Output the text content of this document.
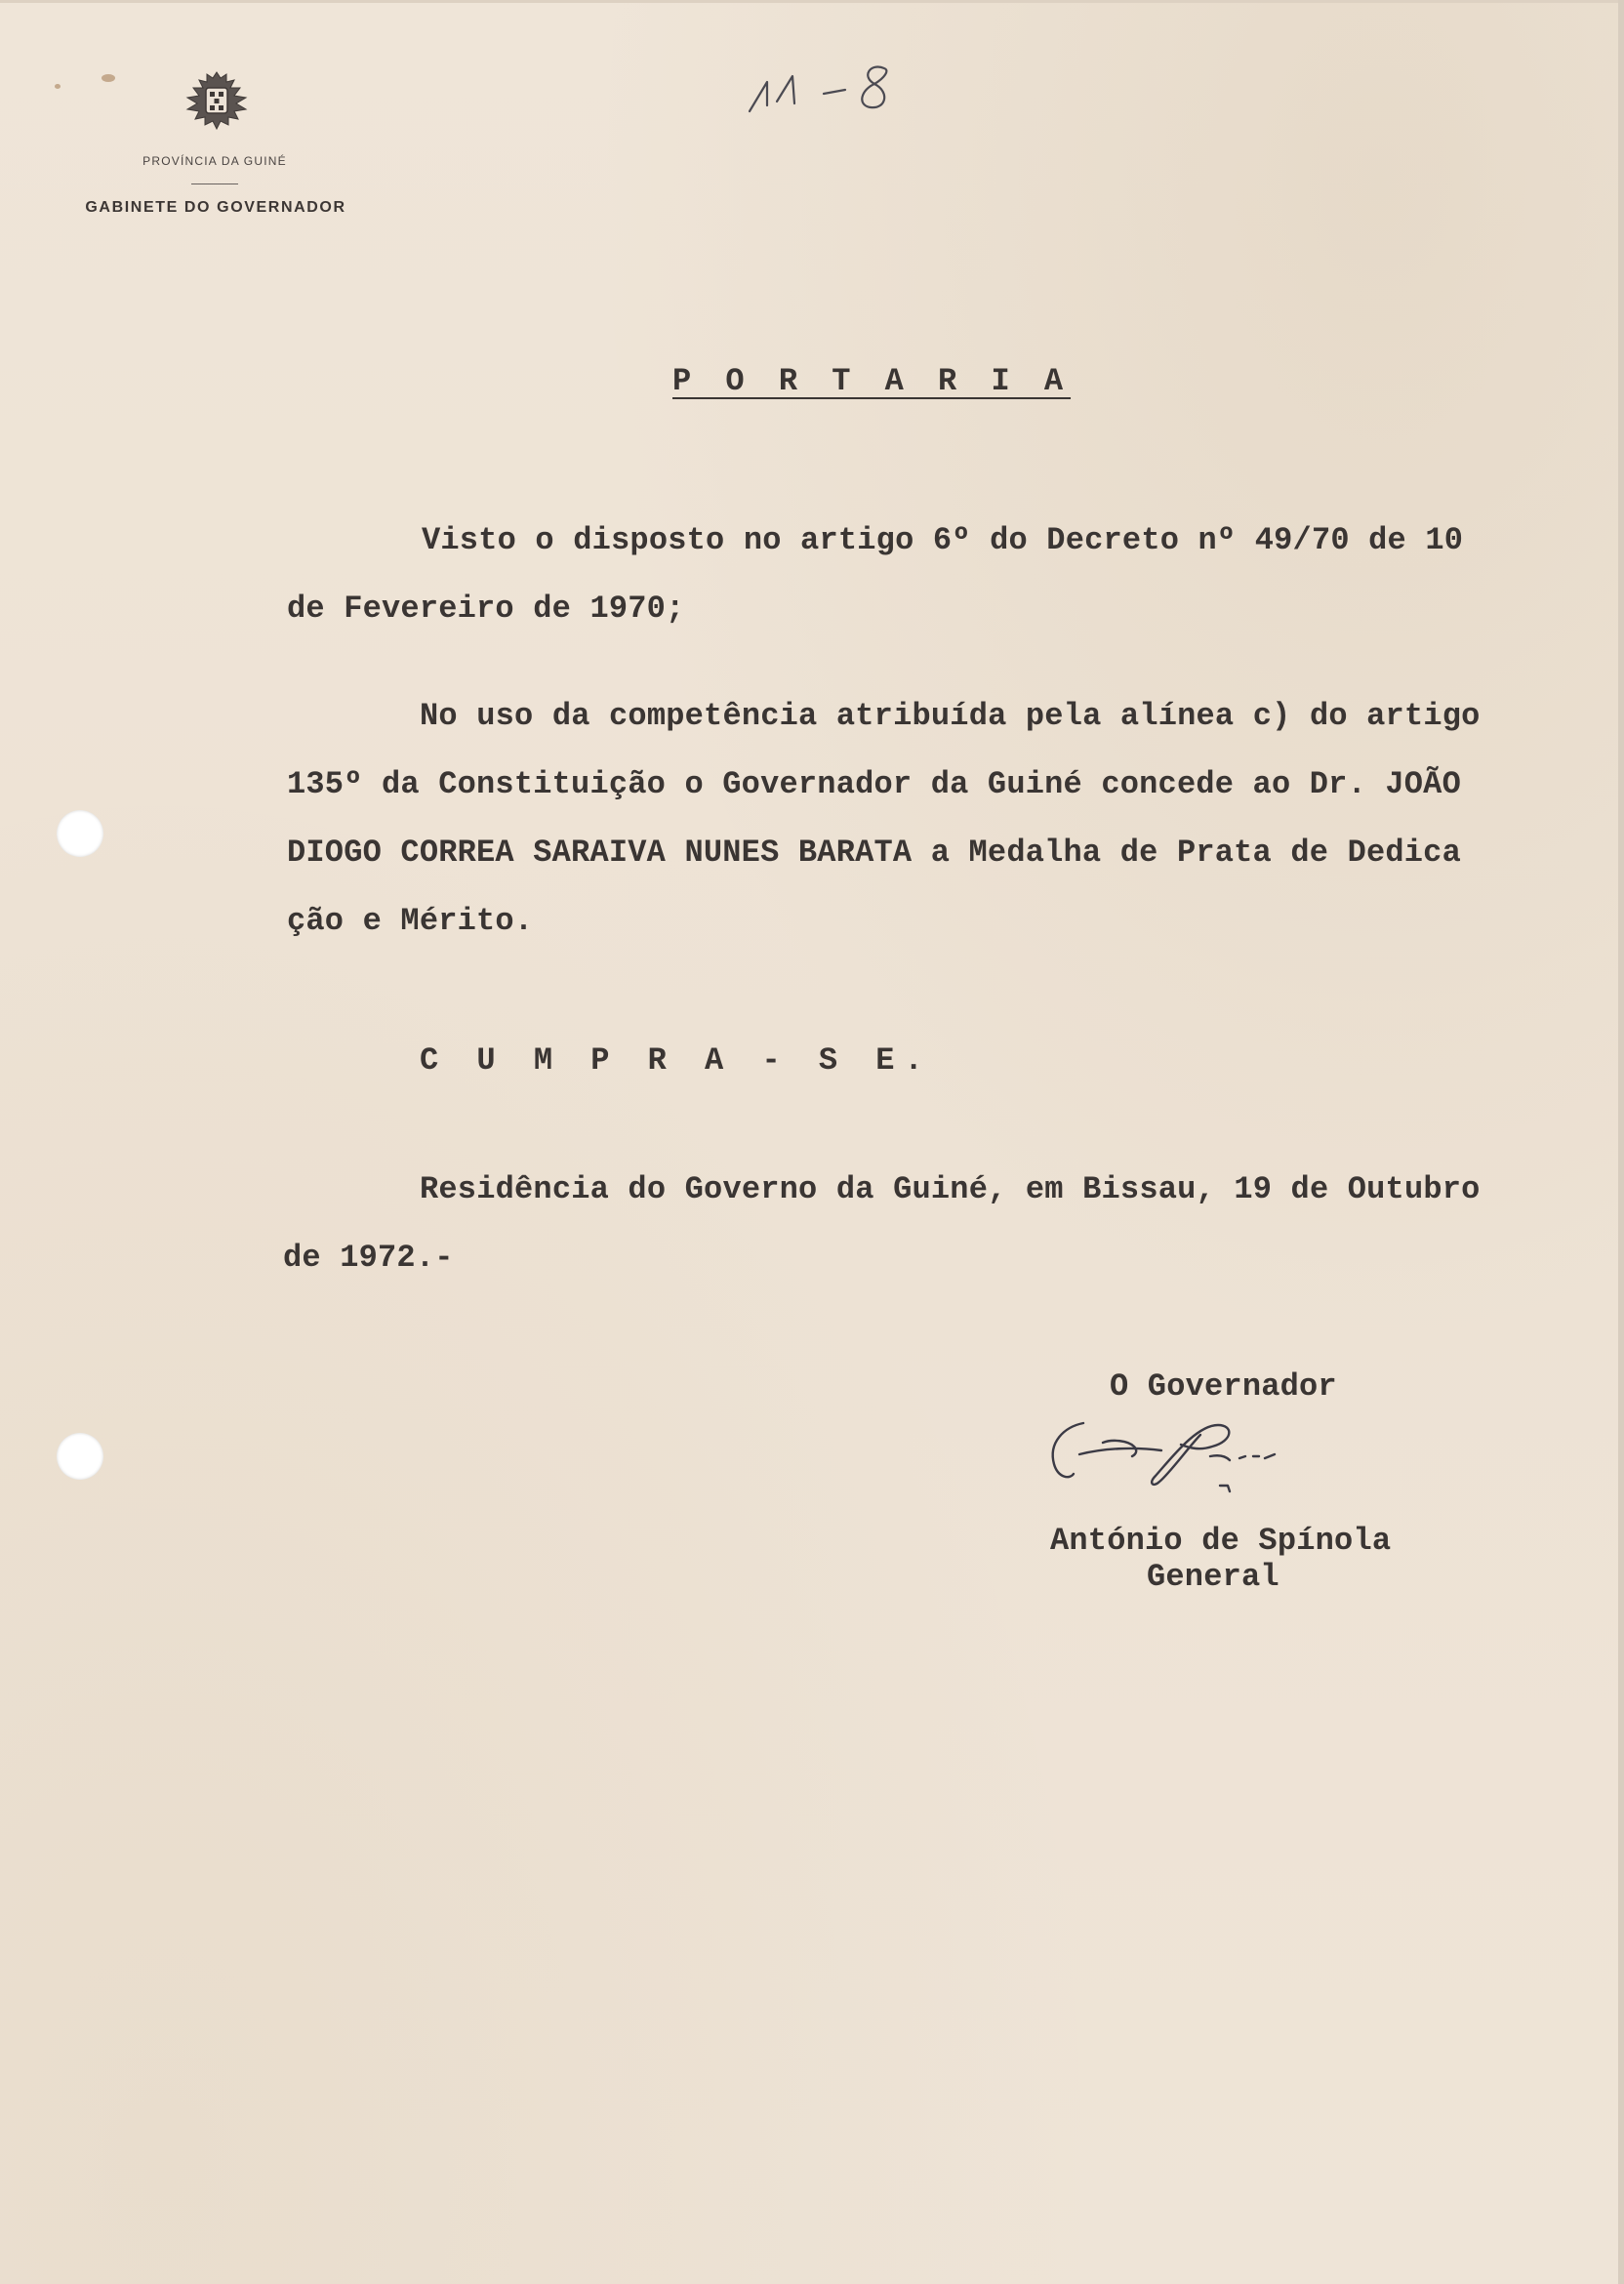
PROVÍNCIA DA GUINÉ
GABINETE DO GOVERNADOR
P O R T A R I A
Visto o disposto no artigo 6º do Decreto nº 49/70 de 10
de Fevereiro de 1970;
No uso da competência atribuída pela alínea c) do artigo
135º da Constituição o Governador da Guiné concede ao Dr. JOÃO
DIOGO CORREA SARAIVA NUNES BARATA a Medalha de Prata de Dedica
ção e Mérito.
C U M P R A - S E.
Residência do Governo da Guiné, em Bissau, 19 de Outubro
de 1972.-
O Governador
António de Spínola
General
